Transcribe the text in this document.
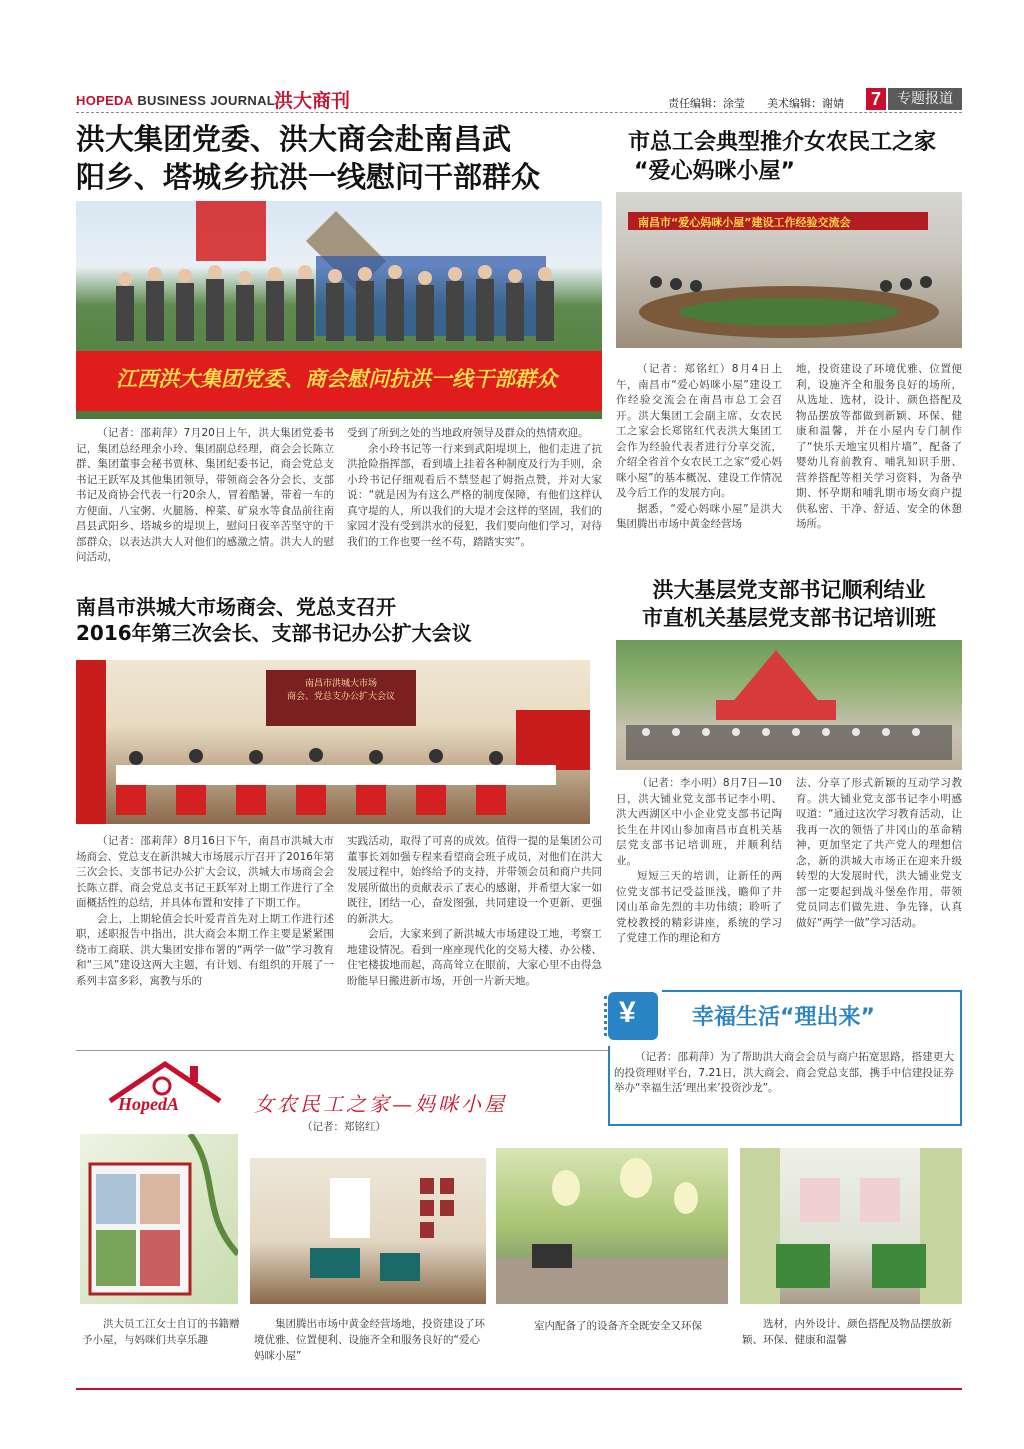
HOPEDA BUSINESS JOURNAL
洪大商刊	责任编辑：涂莹　　美术编辑：谢婧 7	专题报道
洪大集团党委、洪大商会赴南昌武
阳乡、塔城乡抗洪一线慰问干部群众
江西洪大集团党委、商会慰问抗洪一线干部群众

（记者：邵莉萍）7月20日上午，洪大集团党委书记，集团总经理余小玲、集团副总经理，商会会长陈立群、集团董事会秘书贾林、集团纪委书记，商会党总支书记王跃军及其他集团领导，带领商会各分会长、支部书记及商协会代表一行20余人，冒着酷暑，带着一车的方便面、八宝粥、火腿肠、榨菜、矿泉水等食品前往南昌县武阳乡、塔城乡的堤坝上，慰问日夜辛苦坚守的干部群众，以表达洪大人对他们的感激之情。洪大人的慰问活动，

受到了所到之处的当地政府领导及群众的热情欢迎。

余小玲书记等一行来到武阳堤坝上，他们走进了抗洪抢险指挥部，看到墙上挂着各种制度及行为手则，余小玲书记仔细观看后不禁竖起了姆指点赞，并对大家说：“就是因为有这么严格的制度保障，有他们这样认真守堤的人，所以我们的大堤才会这样的坚固，我们的家园才没有受到洪水的侵犯，我们要向他们学习，对待我们的工作也要一丝不苟，踏踏实实”。

市总工会典型推介女农民工之家
“爱心妈咪小屋”
南昌市“爱心妈咪小屋”建设工作经验交流会

（记者：郑铭红）8月4日上午，南昌市“爱心妈咪小屋”建设工作经验交流会在南昌市总工会召开。洪大集团工会副主席、女农民工之家会长郑铭红代表洪大集团工会作为经验代表者进行分享交流，介绍全省首个女农民工之家“爱心妈咪小屋”的基本概况、建设工作情况及今后工作的发展方向。

据悉，“爱心妈咪小屋”是洪大集团腾出市场中黄金经营场

地，投资建设了环境优雅、位置便利，设施齐全和服务良好的场所，从选址、选材，设计、颜色搭配及物品摆放等都做到新颖、环保、健康和温馨，并在小屋内专门制作了“快乐天地宝贝相片墙”，配备了婴幼儿育前教育、哺乳知识手册、营养搭配等相关学习资料，为备孕期、怀孕期和哺乳期市场女商户提供私密、干净、舒适、安全的休憩场所。

南昌市洪城大市场商会、党总支召开
2016年第三次会长、支部书记办公扩大会议
南昌市洪城大市场
商会、党总支办公扩大会议

（记者：邵莉萍）8月16日下午，南昌市洪城大市场商会、党总支在新洪城大市场展示厅召开了2016年第三次会长、支部书记办公扩大会议，洪城大市场商会会长陈立群、商会党总支书记王跃军对上期工作进行了全面概括性的总结，并具体布置和安排了下期工作。

会上，上期轮值会长叶爱青首先对上期工作进行述职，述职报告中指出，洪大商会本期工作主要是紧紧围绕市工商联、洪大集团安排布署的“两学一做”学习教育和“三风”建设这两大主题，有计划、有组织的开展了一系列丰富多彩，寓教与乐的

实践活动，取得了可喜的成效。值得一提的是集团公司董事长刘如强专程来看望商会班子成员，对他们在洪大发展过程中，始终给予的支持，并带领会员和商户共同发展所做出的贡献表示了衷心的感谢，并希望大家一如既往，团结一心，奋发图强，共同建设一个更新、更强的新洪大。

会后，大家来到了新洪城大市场建设工地，考察工地建设情况。看到一座座现代化的交易大楼、办公楼、住宅楼拔地而起，高高耸立在眼前，大家心里不由得急盼能早日搬进新市场，开创一片新天地。

洪大基层党支部书记顺利结业
市直机关基层党支部书记培训班

（记者：李小明）8月7日—10日，洪大铺业党支部书记李小明、洪大西湖区中小企业党支部书记陶长生在井冈山参加南昌市直机关基层党支部书记培训班，并顺利结业。

短短三天的培训，让新任的两位党支部书记受益匪浅，瞻仰了井冈山革命先烈的丰功伟绩；聆听了党校教授的精彩讲座，系统的学习了党建工作的理论和方

法、分享了形式新颖的互动学习教育。洪大铺业党支部书记李小明感叹道：“通过这次学习教育活动，让我再一次的领悟了井冈山的革命精神，更加坚定了共产党人的理想信念，新的洪城大市场正在迎来升级转型的大发展时代，洪大铺业党支部一定要起到战斗堡垒作用，带领党员同志们做先进、争先锋，认真做好“两学一做”学习活动。

¥	幸福生活“理出来”

（记者：邵莉萍）为了帮助洪大商会会员与商户拓宽思路，搭建更大的投资理财平台，7.21日，洪大商会、商会党总支部，携手中信建投证券举办“幸福生活‘理出来’投资沙龙”。

HopedA	女农民工之家—妈咪小屋
（记者：郑铭红）
洪大员工江女士自订的书籍赠予小屋，与妈咪们共享乐趣
集团腾出市场中黄金经营场地，投资建设了环境优雅、位置便利、设施齐全和服务良好的“爱心妈咪小屋”
室内配备了的设备齐全既安全又环保	选材，内外设计、颜色搭配及物品摆放新颖、环保、健康和温馨
